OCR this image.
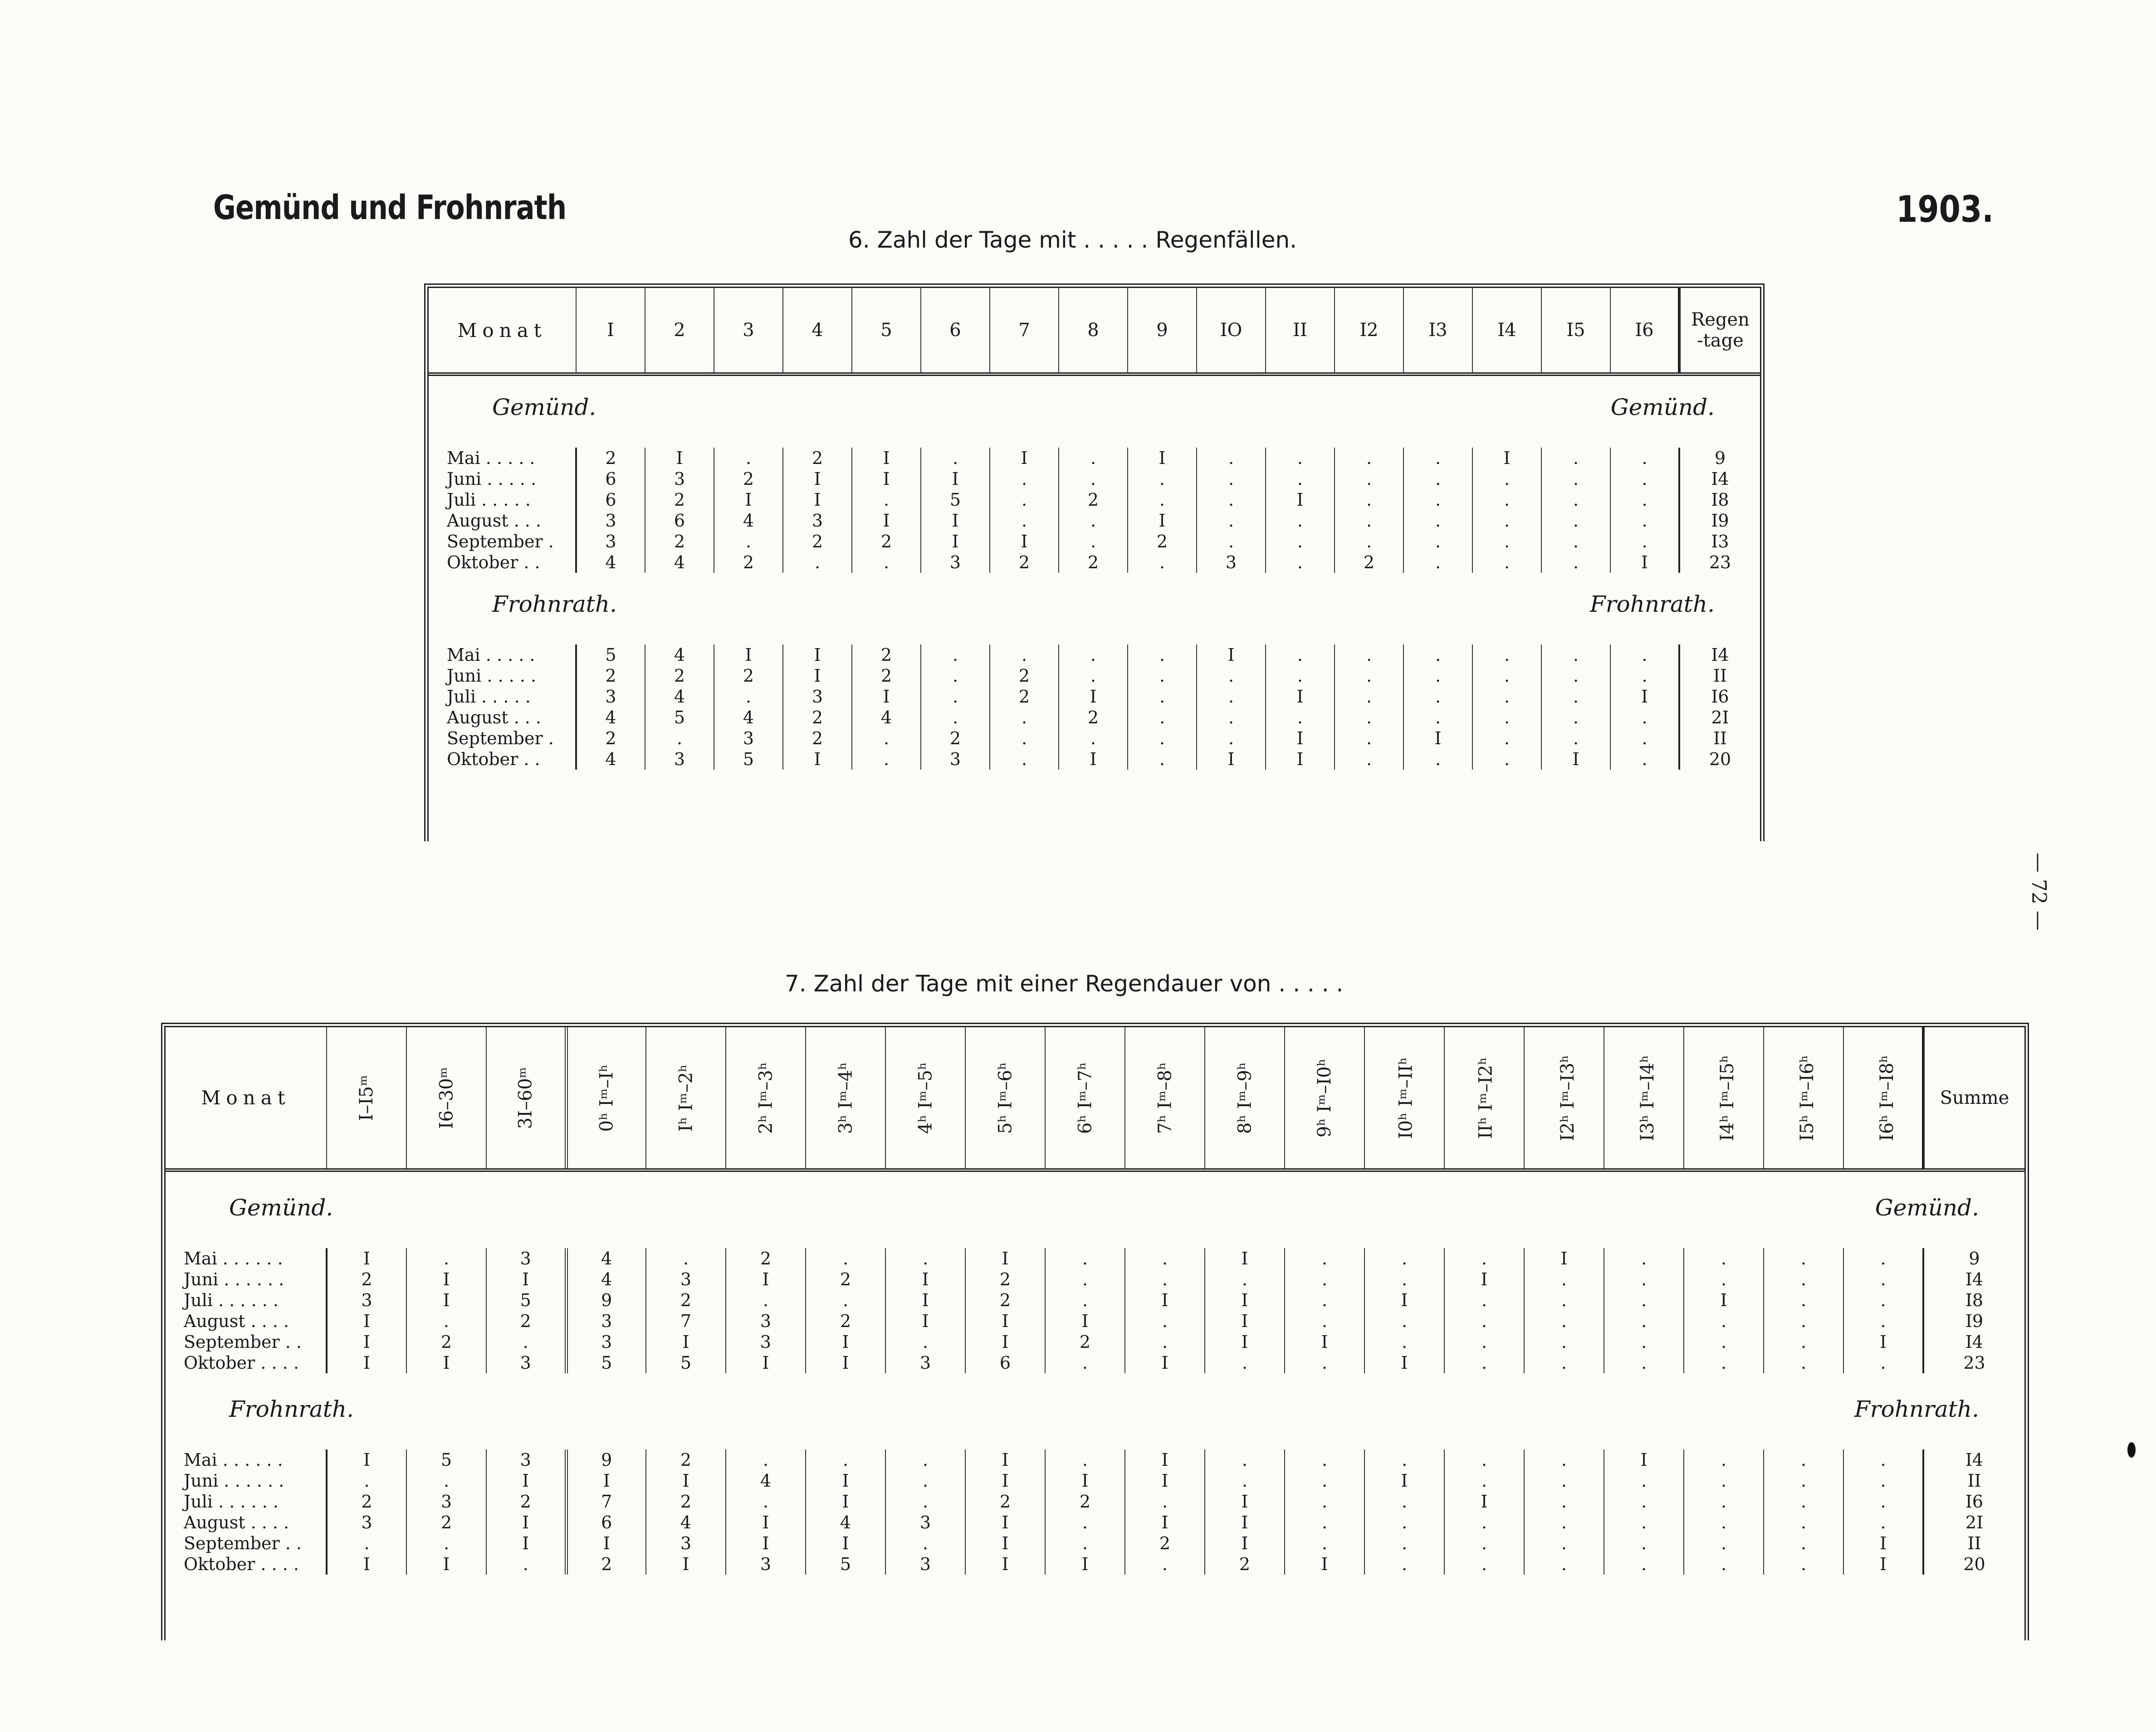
Gemünd und Frohnrath	1903.
6. Zahl der Tage mit . . . . . Regenfällen.
Monat	I	2	3	4	5	6	7	8	9	IO	II	I2	I3	I4	I5	I6	Regen-tage

Gemünd.												Gemünd.					

Mai . . . . .	2	I	.	2	I	.	I	.	I	.	.	.	.	I	.	.	9
Juni . . . . .	6	3	2	I	I	I	.	.	.	.	.	.	.	.	.	.	I4
Juli . . . . .	6	2	I	I	.	5	.	2	.	.	I	.	.	.	.	.	I8
August . . .	3	6	4	3	I	I	.	.	I	.	.	.	.	.	.	.	I9
September .	3	2	.	2	2	I	I	.	2	.	.	.	.	.	.	.	I3
Oktober . .	4	4	2	.	.	3	2	2	.	3	.	2	.	.	.	I	23

Frohnrath.												Frohnrath.					

Mai . . . . .	5	4	I	I	2	.	.	.	.	I	.	.	.	.	.	.	I4
Juni . . . . .	2	2	2	I	2	.	2	.	.	.	.	.	.	.	.	.	II
Juli . . . . .	3	4	.	3	I	.	2	I	.	.	I	.	.	.	.	I	I6
August . . .	4	5	4	2	4	.	.	2	.	.	.	.	.	.	.	.	2I
September .	2	.	3	2	.	2	.	.	.	.	I	.	I	.	.	.	II
Oktober . .	4	3	5	I	.	3	.	I	.	I	I	.	.	.	I	.	20
7. Zahl der Tage mit einer Regendauer von . . . . .
Monat	I–I5ᵐ	I6–30ᵐ	3I–60ᵐ	0ʰ Iᵐ–Iʰ	Iʰ Iᵐ–2ʰ	2ʰ Iᵐ–3ʰ	3ʰ Iᵐ–4ʰ	4ʰ Iᵐ–5ʰ	5ʰ Iᵐ–6ʰ	6ʰ Iᵐ–7ʰ	7ʰ Iᵐ–8ʰ	8ʰ Iᵐ–9ʰ	9ʰ Iᵐ–I0ʰ	I0ʰ Iᵐ–IIʰ	IIʰ Iᵐ–I2ʰ	I2ʰ Iᵐ–I3ʰ	I3ʰ Iᵐ–I4ʰ	I4ʰ Iᵐ–I5ʰ	I5ʰ Iᵐ–I6ʰ	I6ʰ Iᵐ–I8ʰ	Summe

Gemünd.																Gemünd.					

Mai . . . . . .	I	.	3	4	.	2	.	.	I	.	.	I	.	.	.	I	.	.	.	.	9
Juni . . . . . .	2	I	I	4	3	I	2	I	2	.	.	.	.	.	I	.	.	.	.	.	I4
Juli . . . . . .	3	I	5	9	2	.	.	I	2	.	I	I	.	I	.	.	.	I	.	.	I8
August . . . .	I	.	2	3	7	3	2	I	I	I	.	I	.	.	.	.	.	.	.	.	I9
September . .	I	2	.	3	I	3	I	.	I	2	.	I	I	.	.	.	.	.	.	I	I4
Oktober . . . .	I	I	3	5	5	I	I	3	6	.	I	.	.	I	.	.	.	.	.	.	23

Frohnrath.																Frohnrath.					

Mai . . . . . .	I	5	3	9	2	.	.	.	I	.	I	.	.	.	.	.	I	.	.	.	I4
Juni . . . . . .	.	.	I	I	I	4	I	.	I	I	I	.	.	I	.	.	.	.	.	.	II
Juli . . . . . .	2	3	2	7	2	.	I	.	2	2	.	I	.	.	I	.	.	.	.	.	I6
August . . . .	3	2	I	6	4	I	4	3	I	.	I	I	.	.	.	.	.	.	.	.	2I
September . .	.	.	I	I	3	I	I	.	I	.	2	I	.	.	.	.	.	.	.	I	II
Oktober . . . .	I	I	.	2	I	3	5	3	I	I	.	2	I	.	.	.	.	.	.	I	20
— 72 —
